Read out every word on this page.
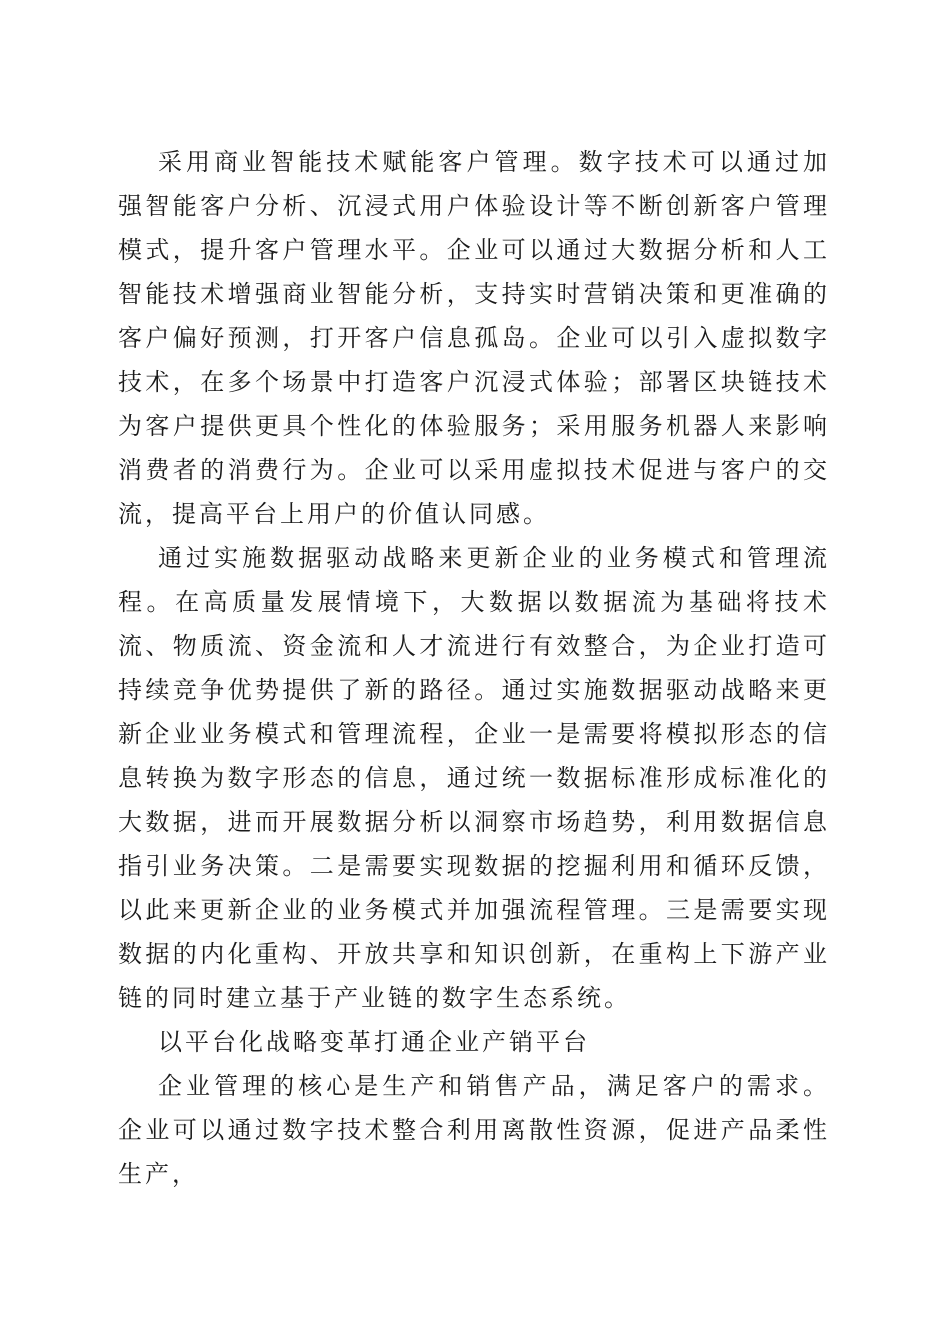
采用商业智能技术赋能客户管理。数字技术可以通过加强智能客户分析、沉浸式用户体验设计等不断创新客户管理模式，提升客户管理水平。企业可以通过大数据分析和人工智能技术增强商业智能分析，支持实时营销决策和更准确的客户偏好预测，打开客户信息孤岛。企业可以引入虚拟数字技术，在多个场景中打造客户沉浸式体验；部署区块链技术为客户提供更具个性化的体验服务；采用服务机器人来影响消费者的消费行为。企业可以采用虚拟技术促进与客户的交流，提高平台上用户的价值认同感。

通过实施数据驱动战略来更新企业的业务模式和管理流程。在高质量发展情境下，大数据以数据流为基础将技术流、物质流、资金流和人才流进行有效整合，为企业打造可持续竞争优势提供了新的路径。通过实施数据驱动战略来更新企业业务模式和管理流程，企业一是需要将模拟形态的信息转换为数字形态的信息，通过统一数据标准形成标准化的大数据，进而开展数据分析以洞察市场趋势，利用数据信息指引业务决策。二是需要实现数据的挖掘利用和循环反馈，以此来更新企业的业务模式并加强流程管理。三是需要实现数据的内化重构、开放共享和知识创新，在重构上下游产业链的同时建立基于产业链的数字生态系统。

以平台化战略变革打通企业产销平台

企业管理的核心是生产和销售产品，满足客户的需求。企业可以通过数字技术整合利用离散性资源，促进产品柔性生产，
